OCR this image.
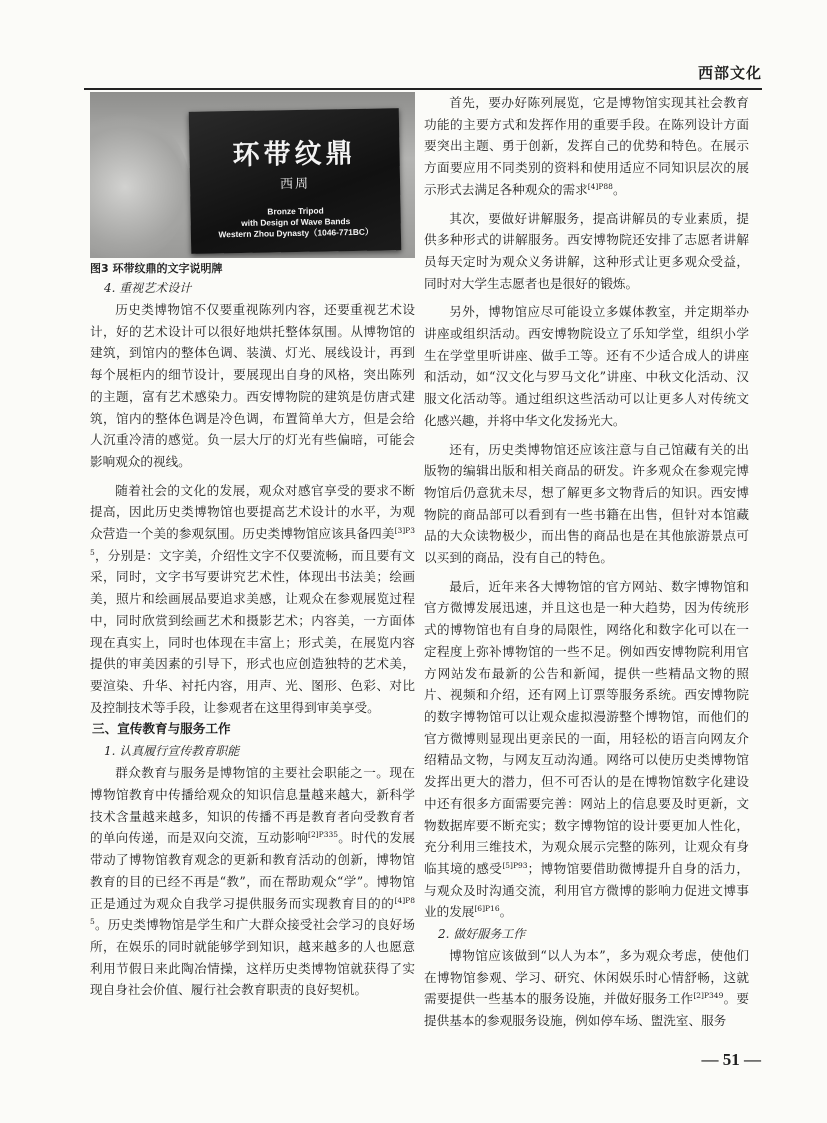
西部文化
环带纹鼎
西周
Bronze Tripod
with Design of Wave Bands
Western Zhou Dynasty（1046-771BC）
图3 环带纹鼎的文字说明牌
4. 重视艺术设计

历史类博物馆不仅要重视陈列内容，还要重视艺术设计，好的艺术设计可以很好地烘托整体氛围。从博物馆的建筑，到馆内的整体色调、装潢、灯光、展线设计，再到每个展柜内的细节设计，要展现出自身的风格，突出陈列的主题，富有艺术感染力。西安博物院的建筑是仿唐式建筑，馆内的整体色调是冷色调，布置简单大方，但是会给人沉重冷清的感觉。负一层大厅的灯光有些偏暗，可能会影响观众的视线。

随着社会的文化的发展，观众对感官享受的要求不断提高，因此历史类博物馆也要提高艺术设计的水平，为观众营造一个美的参观氛围。历史类博物馆应该具备四美$^{[3]P35}$，分别是：文字美，介绍性文字不仅要流畅，而且要有文采，同时，文字书写要讲究艺术性，体现出书法美；绘画美，照片和绘画展品要追求美感，让观众在参观展览过程中，同时欣赏到绘画艺术和摄影艺术；内容美，一方面体现在真实上，同时也体现在丰富上；形式美，在展览内容提供的审美因素的引导下，形式也应创造独特的艺术美，要渲染、升华、衬托内容，用声、光、图形、色彩、对比及控制技术等手段，让参观者在这里得到审美享受。

三、宣传教育与服务工作
1. 认真履行宣传教育职能

群众教育与服务是博物馆的主要社会职能之一。现在博物馆教育中传播给观众的知识信息量越来越大，新科学技术含量越来越多，知识的传播不再是教育者向受教育者的单向传递，而是双向交流，互动影响$^{[2]P335}$。时代的发展带动了博物馆教育观念的更新和教育活动的创新，博物馆教育的目的已经不再是“教”，而在帮助观众“学”。博物馆正是通过为观众自我学习提供服务而实现教育目的的$^{[4]P85}$。历史类博物馆是学生和广大群众接受社会学习的良好场所，在娱乐的同时就能够学到知识，越来越多的人也愿意利用节假日来此陶冶情操，这样历史类博物馆就获得了实现自身社会价值、履行社会教育职责的良好契机。

首先，要办好陈列展览，它是博物馆实现其社会教育功能的主要方式和发挥作用的重要手段。在陈列设计方面要突出主题、勇于创新，发挥自己的优势和特色。在展示方面要应用不同类别的资料和使用适应不同知识层次的展示形式去满足各种观众的需求$^{[4]P88}$。

其次，要做好讲解服务，提高讲解员的专业素质，提供多种形式的讲解服务。西安博物院还安排了志愿者讲解员每天定时为观众义务讲解，这种形式让更多观众受益，同时对大学生志愿者也是很好的锻炼。

另外，博物馆应尽可能设立多媒体教室，并定期举办讲座或组织活动。西安博物院设立了乐知学堂，组织小学生在学堂里听讲座、做手工等。还有不少适合成人的讲座和活动，如“汉文化与罗马文化”讲座、中秋文化活动、汉服文化活动等。通过组织这些活动可以让更多人对传统文化感兴趣，并将中华文化发扬光大。

还有，历史类博物馆还应该注意与自己馆藏有关的出版物的编辑出版和相关商品的研发。许多观众在参观完博物馆后仍意犹未尽，想了解更多文物背后的知识。西安博物院的商品部可以看到有一些书籍在出售，但针对本馆藏品的大众读物极少，而出售的商品也是在其他旅游景点可以买到的商品，没有自己的特色。

最后，近年来各大博物馆的官方网站、数字博物馆和官方微博发展迅速，并且这也是一种大趋势，因为传统形式的博物馆也有自身的局限性，网络化和数字化可以在一定程度上弥补博物馆的一些不足。例如西安博物院利用官方网站发布最新的公告和新闻，提供一些精品文物的照片、视频和介绍，还有网上订票等服务系统。西安博物院的数字博物馆可以让观众虚拟漫游整个博物馆，而他们的官方微博则显现出更亲民的一面，用轻松的语言向网友介绍精品文物，与网友互动沟通。网络可以使历史类博物馆发挥出更大的潜力，但不可否认的是在博物馆数字化建设中还有很多方面需要完善：网站上的信息要及时更新，文物数据库要不断充实；数字博物馆的设计要更加人性化，充分利用三维技术，为观众展示完整的陈列，让观众有身临其境的感受$^{[5]P93}$；博物馆要借助微博提升自身的活力，与观众及时沟通交流，利用官方微博的影响力促进文博事业的发展$^{[6]P16}$。

2. 做好服务工作

博物馆应该做到“以人为本”，多为观众考虑，使他们在博物馆参观、学习、研究、休闲娱乐时心情舒畅，这就需要提供一些基本的服务设施，并做好服务工作$^{[2]P349}$。要提供基本的参观服务设施，例如停车场、盥洗室、服务

— 51 —
